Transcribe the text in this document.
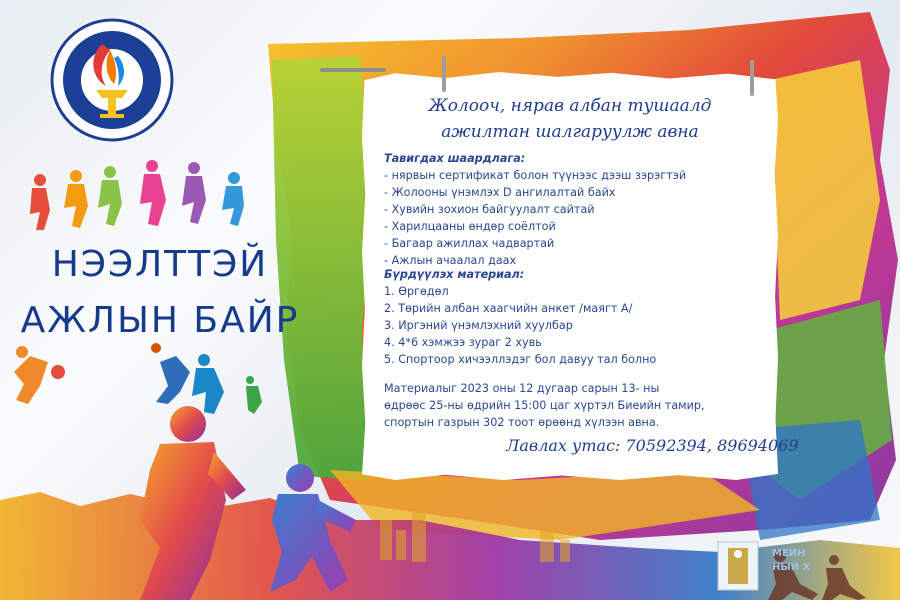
НЭЭЛТТЭЙ
АЖЛЫН БАЙР
Жолооч, нярав албан тушаалд
ажилтан шалгаруулж авна
Тавигдах шаардлага:
- нярвын сертификат болон түүнээс дээш зэрэгтэй
- Жолооны үнэмлэх D ангилалтай байх
- Хувийн зохион байгуулалт сайтай
- Харилцааны өндөр соёлтой
- Багаар ажиллах чадвартай
- Ажлын ачаалал даах
Бүрдүүлэх материал:
1. Өргөдөл
2. Төрийн албан хаагчийн анкет /маягт А/
3. Иргэний үнэмлэхний хуулбар
4. 4*6 хэмжээ зураг 2 хувь
5. Спортоор хичээллэдэг бол давуу тал болно
Материалыг 2023 оны 12 дугаар сарын 13- ны
өдрөөс 25-ны өдрийн 15:00 цаг хүртэл Биеийн тамир,
спортын газрын 302 тоот өрөөнд хүлээн авна.
Лавлах утас: 70592394, 89694069
МЕЙН
НЫЙ Х
